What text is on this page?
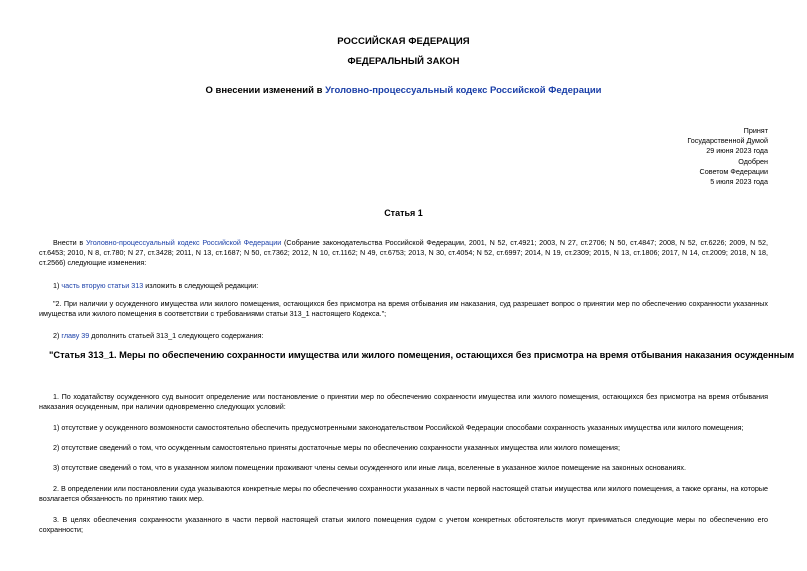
РОССИЙСКАЯ ФЕДЕРАЦИЯ
ФЕДЕРАЛЬНЫЙ ЗАКОН
О внесении изменений в Уголовно-процессуальный кодекс Российской Федерации
Принят
Государственной Думой
29 июня 2023 года
Одобрен
Советом Федерации
5 июля 2023 года
Статья 1
Внести в Уголовно-процессуальный кодекс Российской Федерации (Собрание законодательства Российской Федерации, 2001, N 52, ст.4921; 2003, N 27, ст.2706; N 50, ст.4847; 2008, N 52, ст.6226; 2009, N 52, ст.6453; 2010, N 8, ст.780; N 27, ст.3428; 2011, N 13, ст.1687; N 50, ст.7362; 2012, N 10, ст.1162; N 49, ст.6753; 2013, N 30, ст.4054; N 52, ст.6997; 2014, N 19, ст.2309; 2015, N 13, ст.1806; 2017, N 14, ст.2009; 2018, N 18, ст.2566) следующие изменения:
1) часть вторую статьи 313 изложить в следующей редакции:
"2. При наличии у осужденного имущества или жилого помещения, остающихся без присмотра на время отбывания им наказания, суд разрешает вопрос о принятии мер по обеспечению сохранности указанных имущества или жилого помещения в соответствии с требованиями статьи 313_1 настоящего Кодекса.";
2) главу 39 дополнить статьей 313_1 следующего содержания:
"Статья 313_1. Меры по обеспечению сохранности имущества или жилого помещения, остающихся без присмотра на время отбывания наказания осужденным
1. По ходатайству осужденного суд выносит определение или постановление о принятии мер по обеспечению сохранности имущества или жилого помещения, остающихся без присмотра на время отбывания наказания осужденным, при наличии одновременно следующих условий:
1) отсутствие у осужденного возможности самостоятельно обеспечить предусмотренными законодательством Российской Федерации способами сохранность указанных имущества или жилого помещения;
2) отсутствие сведений о том, что осужденным самостоятельно приняты достаточные меры по обеспечению сохранности указанных имущества или жилого помещения;
3) отсутствие сведений о том, что в указанном жилом помещении проживают члены семьи осужденного или иные лица, вселенные в указанное жилое помещение на законных основаниях.
2. В определении или постановлении суда указываются конкретные меры по обеспечению сохранности указанных в части первой настоящей статьи имущества или жилого помещения, а также органы, на которые возлагается обязанность по принятию таких мер.
3. В целях обеспечения сохранности указанного в части первой настоящей статьи жилого помещения судом с учетом конкретных обстоятельств могут приниматься следующие меры по обеспечению его сохранности;
